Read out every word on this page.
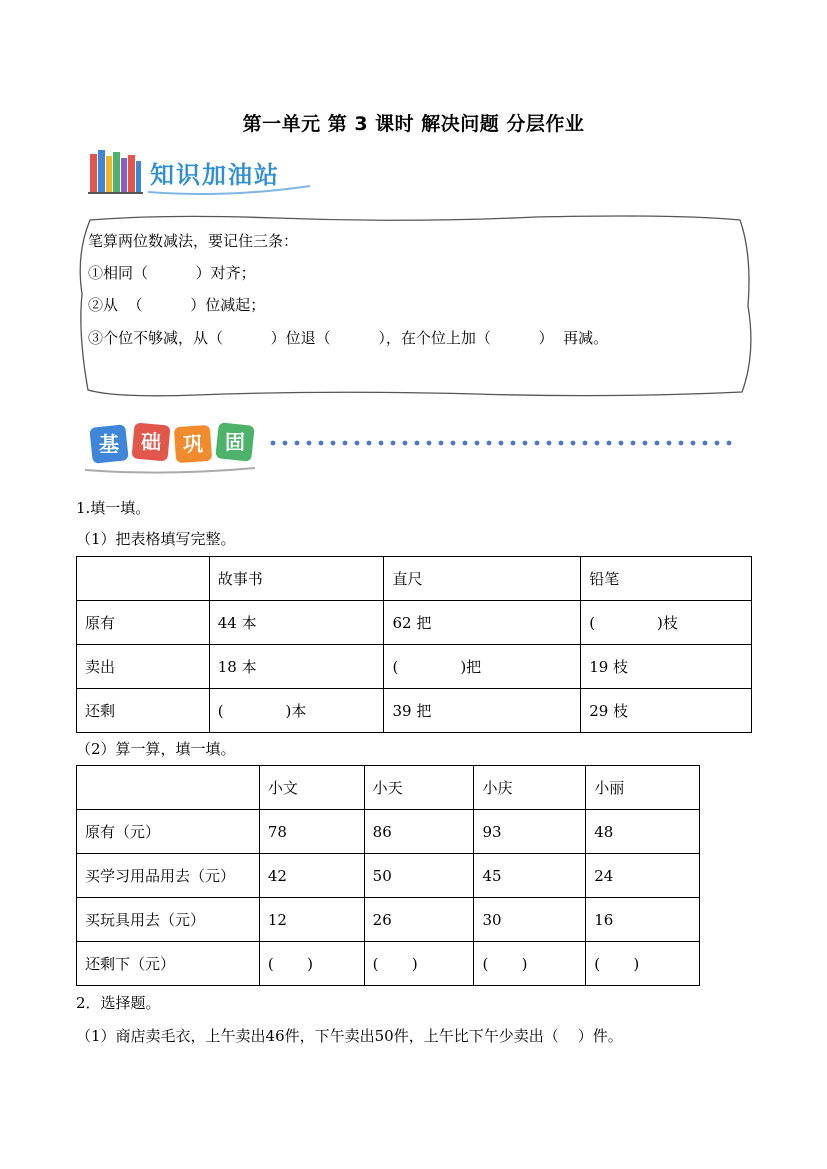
第一单元 第 3 课时 解决问题 分层作业
知识加油站
笔算两位数减法，要记住三条：
①相同（          ）对齐；
②从  （          ）位减起；
③个位不够减，从（          ）位退（          ），在个位上加（          ）  再减。
基	础	巩	固
1.填一填。
（1）把表格填写完整。
	故事书	直尺	铅笔
原有	44 本	62 把	(             )枝
卖出	18 本	(             )把	19 枝
还剩	(             )本	39 把	29 枝
（2）算一算，填一填。
	小文	小天	小庆	小丽
原有（元）	78	86	93	48
买学习用品用去（元）	42	50	45	24
买玩具用去（元）	12	26	30	16
还剩下（元）	(       )	(       )	(       )	(       )
2．选择题。
（1）商店卖毛衣，上午卖出46件，下午卖出50件，上午比下午少卖出（    ）件。
